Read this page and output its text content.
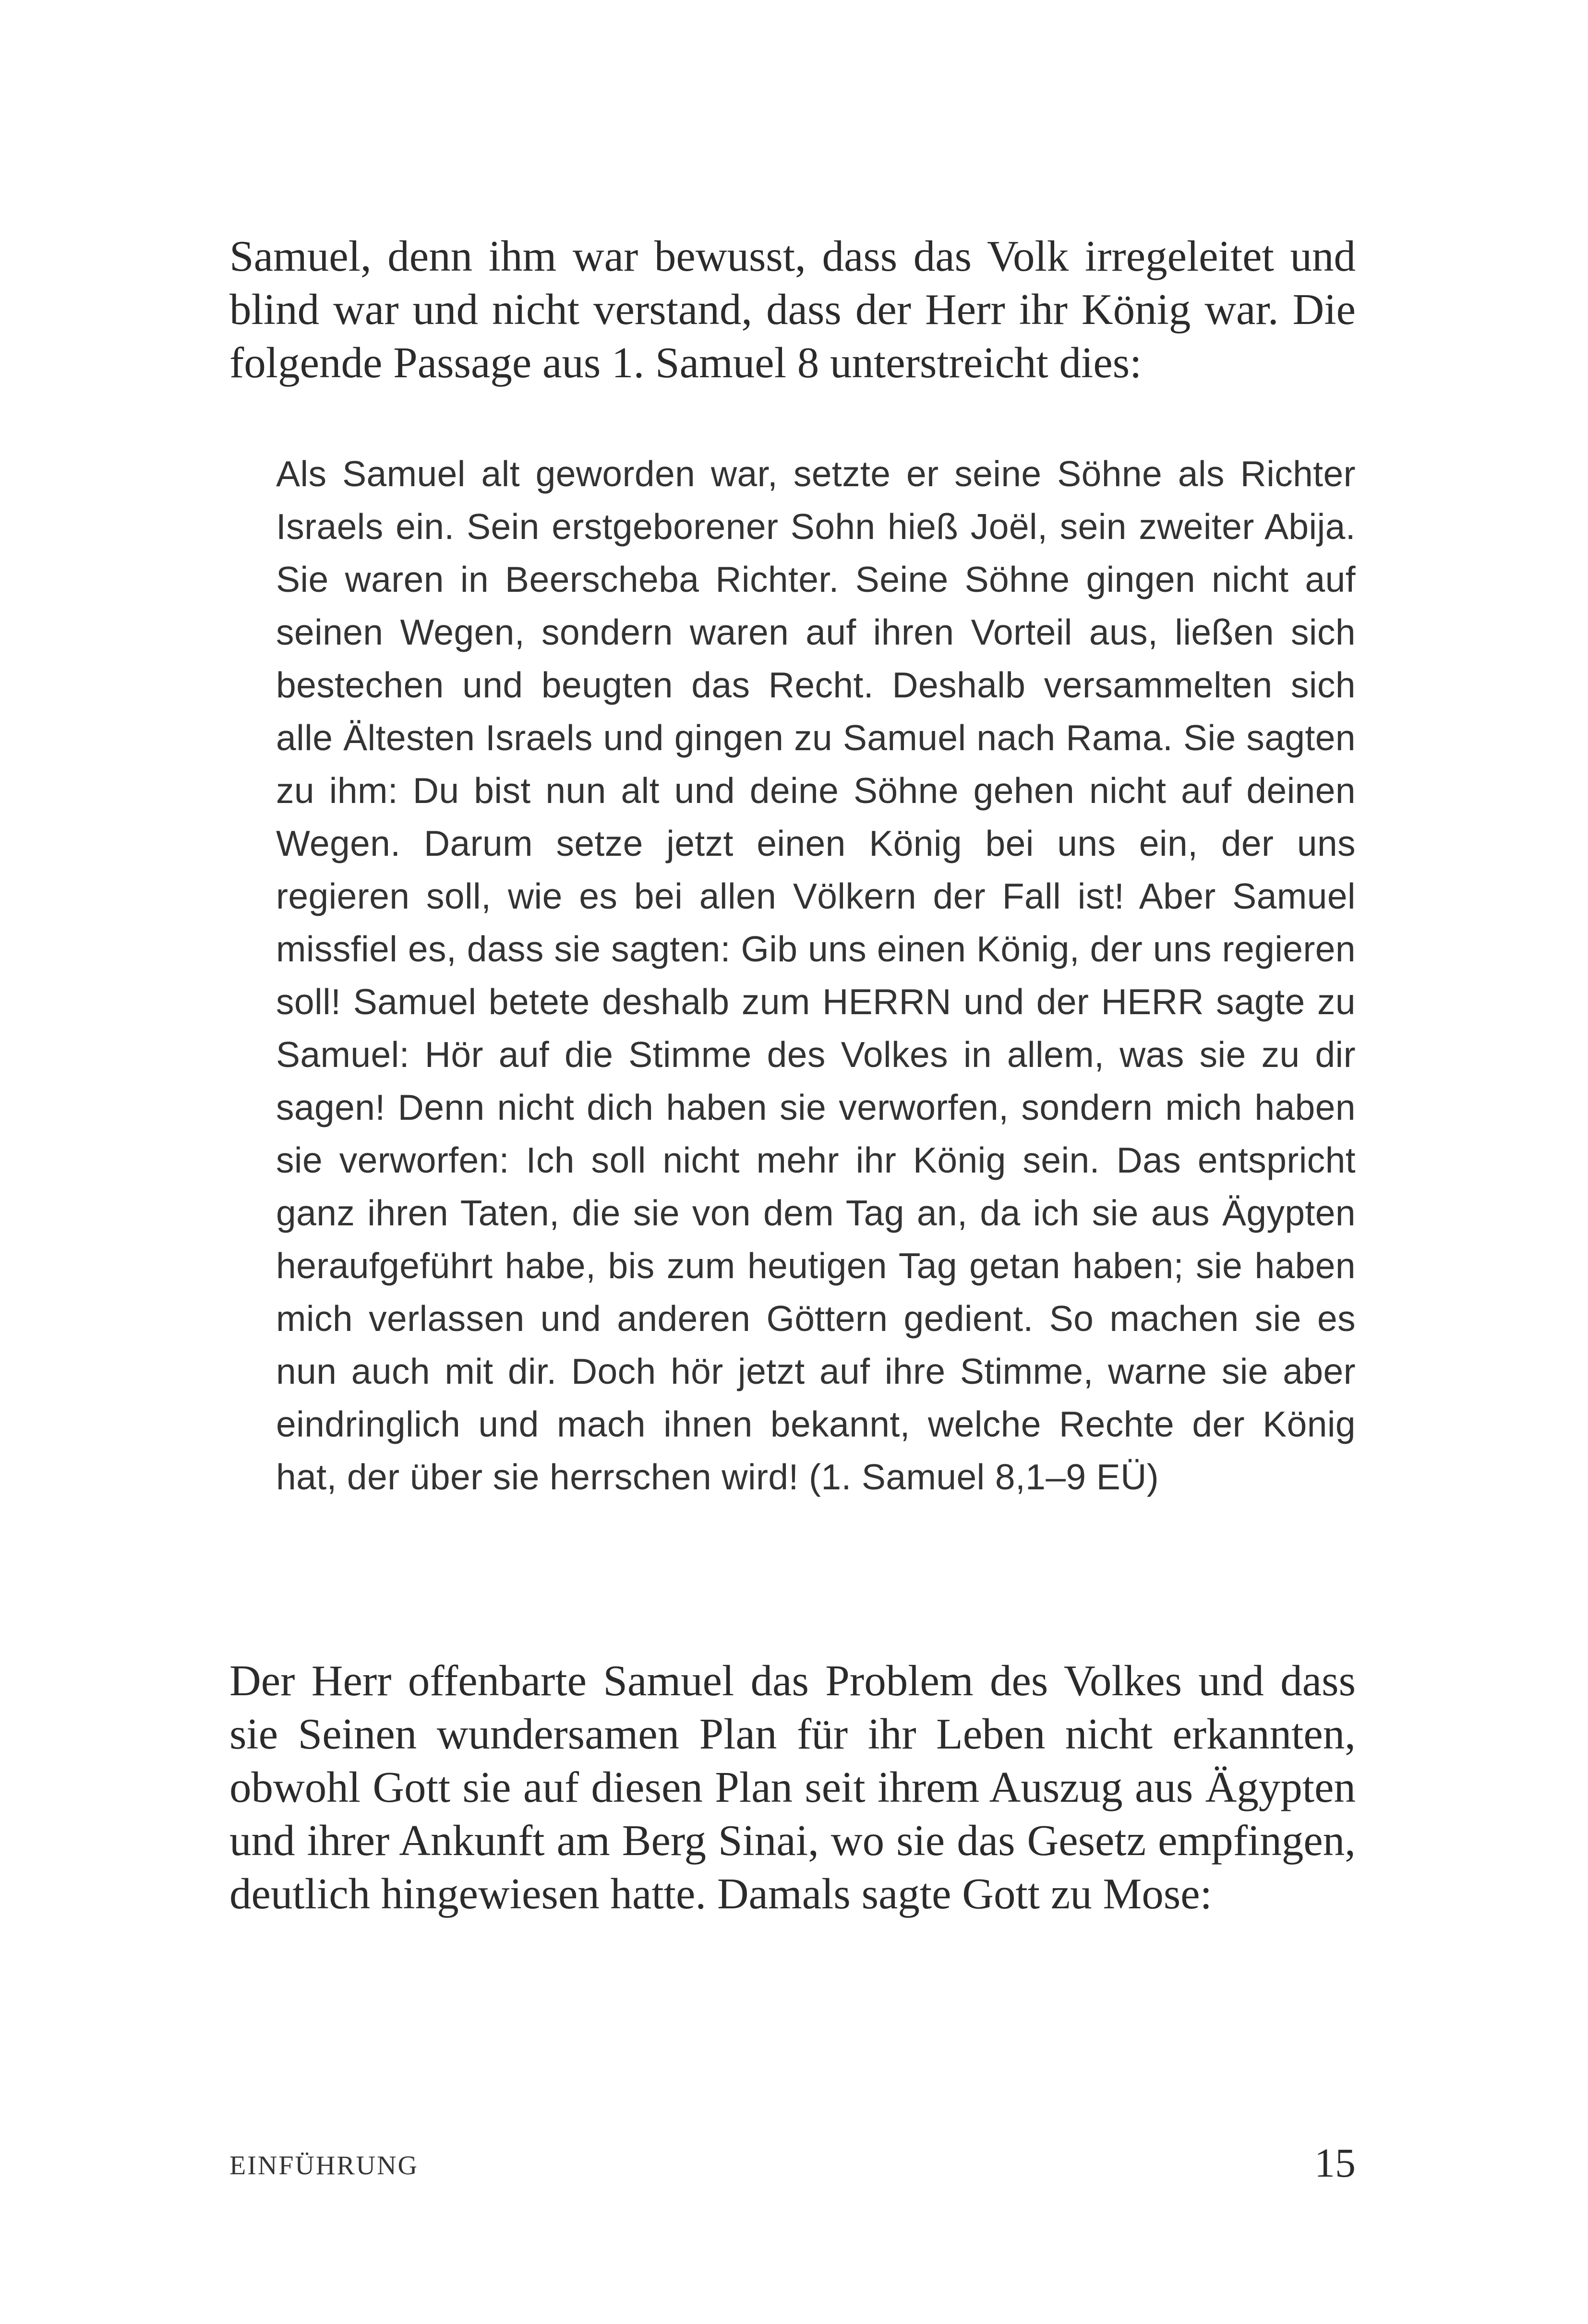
Samuel, denn ihm war bewusst, dass das Volk irregeleitet und blind war und nicht verstand, dass der Herr ihr König war. Die folgende Passage aus 1. Samuel 8 unterstreicht dies:

Als Samuel alt geworden war, setzte er seine Söhne als Richter Israels ein. Sein erstgeborener Sohn hieß Joël, sein zweiter Abija. Sie waren in Beerscheba Richter. Seine Söhne gingen nicht auf seinen Wegen, sondern waren auf ihren Vorteil aus, ließen sich bestechen und beugten das Recht. Deshalb versammelten sich alle Ältesten Israels und gingen zu Samuel nach Rama. Sie sagten zu ihm: Du bist nun alt und deine Söhne gehen nicht auf deinen Wegen. Darum setze jetzt einen König bei uns ein, der uns regieren soll, wie es bei allen Völkern der Fall ist! Aber Samuel missfiel es, dass sie sagten: Gib uns einen König, der uns regieren soll! Samuel betete deshalb zum HERRN und der HERR sagte zu Samuel: Hör auf die Stimme des Volkes in allem, was sie zu dir sagen! Denn nicht dich haben sie verworfen, sondern mich haben sie verworfen: Ich soll nicht mehr ihr König sein. Das entspricht ganz ihren Taten, die sie von dem Tag an, da ich sie aus Ägypten heraufgeführt habe, bis zum heutigen Tag getan haben; sie haben mich verlassen und anderen Göttern gedient. So machen sie es nun auch mit dir. Doch hör jetzt auf ihre Stimme, warne sie aber eindringlich und mach ihnen bekannt, welche Rechte der König hat, der über sie herrschen wird! (1. Samuel 8,1–9 EÜ)

Der Herr offenbarte Samuel das Problem des Volkes und dass sie Seinen wundersamen Plan für ihr Leben nicht erkannten, obwohl Gott sie auf diesen Plan seit ihrem Auszug aus Ägypten und ihrer Ankunft am Berg Sinai, wo sie das Gesetz empfingen, deutlich hingewiesen hatte. Damals sagte Gott zu Mose:

EINFÜHRUNG	15
